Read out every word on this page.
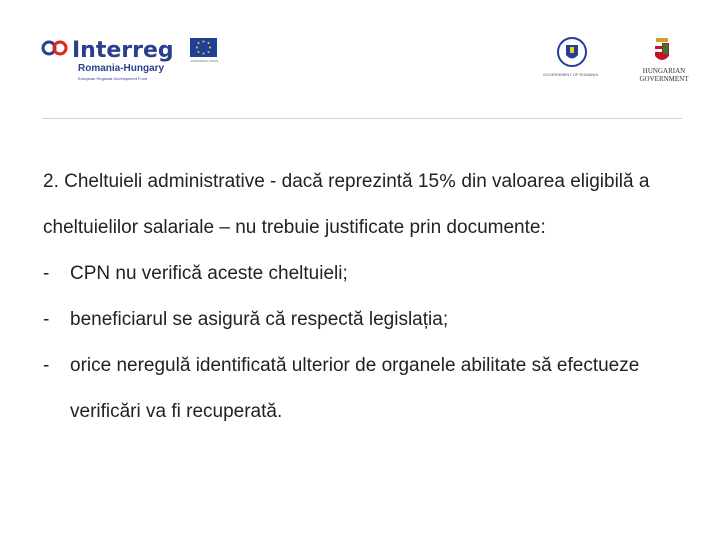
Interreg	EUROPEAN UNION
Romania-Hungary
European Regional Development Fund
GOVERNMENT OF ROMANIA	HUNGARIAN
GOVERNMENT

2. Cheltuieli administrative - dacă reprezintă 15% din valoarea eligibilă a cheltuielilor salariale – nu trebuie justificate prin documente:

- CPN nu verifică aceste cheltuieli;
- beneficiarul se asigură că respectă legislația;
- orice neregulă identificată ulterior de organele abilitate să efectueze verificări va fi recuperată.
